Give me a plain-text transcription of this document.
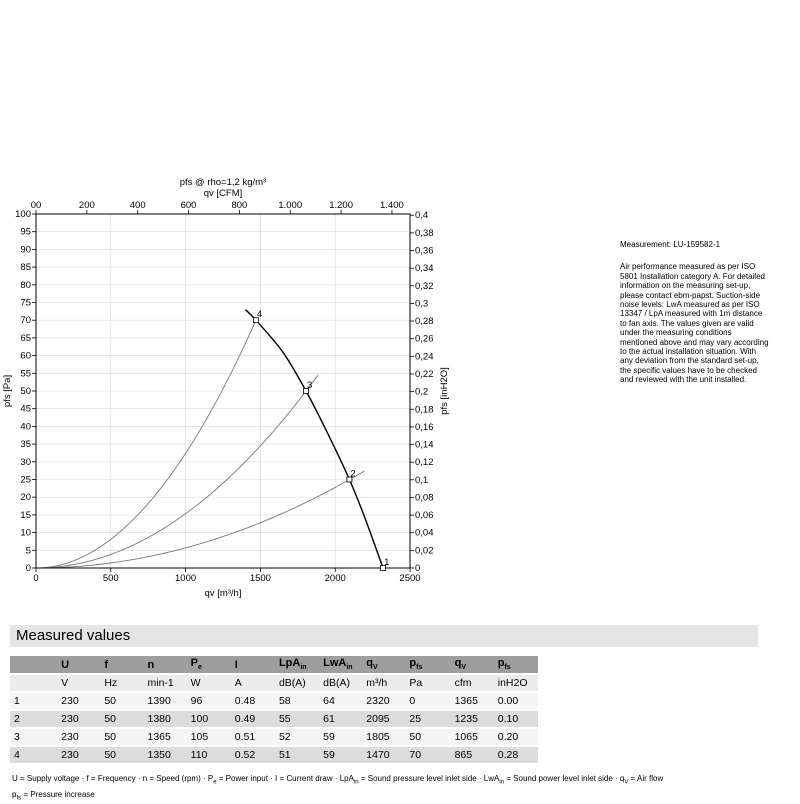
0
5
10
15
20
25
30
35
40
45
50
55
60
65
70
75
80
85
90
95
100
0	500	1000	1500	2000	2500
00	200	400	600	800	1.000	1.200	1.400
0
0,02
0,04
0,06
0,08
0,1
0,12
0,14
0,16
0,18
0,2
0,22
0,24
0,26
0,28
0,3
0,32
0,34
0,36
0,38
0,4
pfs @ rho=1,2 kg/m³
qv [CFM]
qv [m³/h]
pfs [Pa]	pfs [inH2O]
1
2
3
4
Measurement: LU-159582-1
Air performance measured as per ISO 5801 Installation category A. For detailed information on the measuring set-up, please contact ebm-papst. Suction-side noise levels: LwA measured as per ISO 13347 / LpA measured with 1m distance to fan axis. The values given are valid under the measuring conditions mentioned above and may vary according to the actual installation situation. With any deviation from the standard set-up, the specific values have to be checked and reviewed with the unit installed.
Measured values
	U	f	n	$P_e$	I	LpA$_{in}$	LwA$_{in}$	$q_V$	$p_{fs}$	$q_V$	$p_{fs}$
	V	Hz	min-1	W	A	dB(A)	dB(A)	m³/h	Pa	cfm	inH2O
1	230	50	1390	96	0.48	58	64	2320	0	1365	0.00
2	230	50	1380	100	0.49	55	61	2095	25	1235	0.10
3	230	50	1365	105	0.51	52	59	1805	50	1065	0.20
4	230	50	1350	110	0.52	51	59	1470	70	865	0.28
U = Supply voltage · f = Frequency · n = Speed $(rpm) \cdot P_e$ = Power input · I = Current draw · LpA$_{in}$ = Sound pressure level inlet side · LwA$_{in}$ = Sound power level inlet side · $q_V$ = Air flow
$p_{fs}$ = Pressure increase
